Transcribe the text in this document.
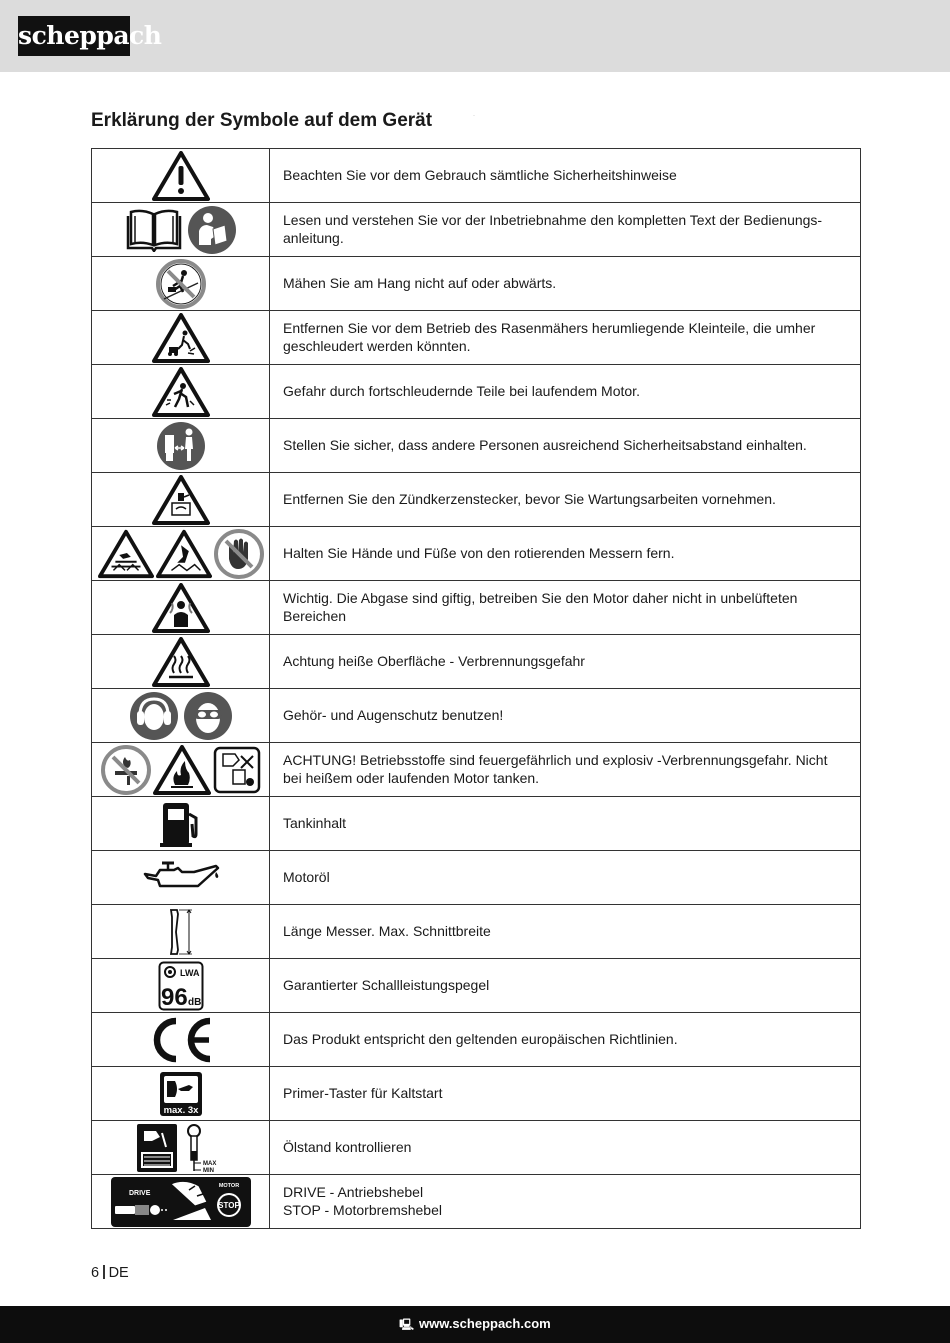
scheppach
Erklärung der Symbole auf dem Gerät	·
	Beachten Sie vor dem Gebrauch sämtliche Sicherheitshinweise

	Lesen und verstehen Sie vor der Inbetriebnahme den kompletten Text der Bedienungs-anleitung.

	Mähen Sie am Hang nicht auf oder abwärts.

	Entfernen Sie vor dem Betrieb des Rasenmähers herumliegende Kleinteile, die umher geschleudert werden könnten.

	Gefahr durch fortschleudernde Teile bei laufendem Motor.

	Stellen Sie sicher, dass andere Personen ausreichend Sicherheitsabstand einhalten.

	Entfernen Sie den Zündkerzenstecker, bevor Sie Wartungsarbeiten vornehmen.

	Halten Sie Hände und Füße von den rotierenden Messern fern.

	Wichtig. Die Abgase sind giftig, betreiben Sie den Motor daher nicht in unbelüfteten Bereichen

	Achtung heiße Oberfläche - Verbrennungsgefahr

	Gehör- und Augenschutz benutzen!

	ACHTUNG! Betriebsstoffe sind feuergefährlich und explosiv -Verbrennungsgefahr. Nicht bei heißem oder laufenden Motor tanken.

	Tankinhalt

	Motoröl

	Länge Messer. Max. Schnittbreite

LWA
96 dB	Garantierter Schallleistungspegel

	Das Produkt entspricht den geltenden europäischen Richtlinien.

max. 3x	Primer-Taster für Kaltstart

MAX
MIN	Ölstand kontrollieren

DRIVE
MOTOR
STOP	DRIVE - Antriebshebel
STOP - Motorbremshebel
6 DE
🖳 www.scheppach.com
